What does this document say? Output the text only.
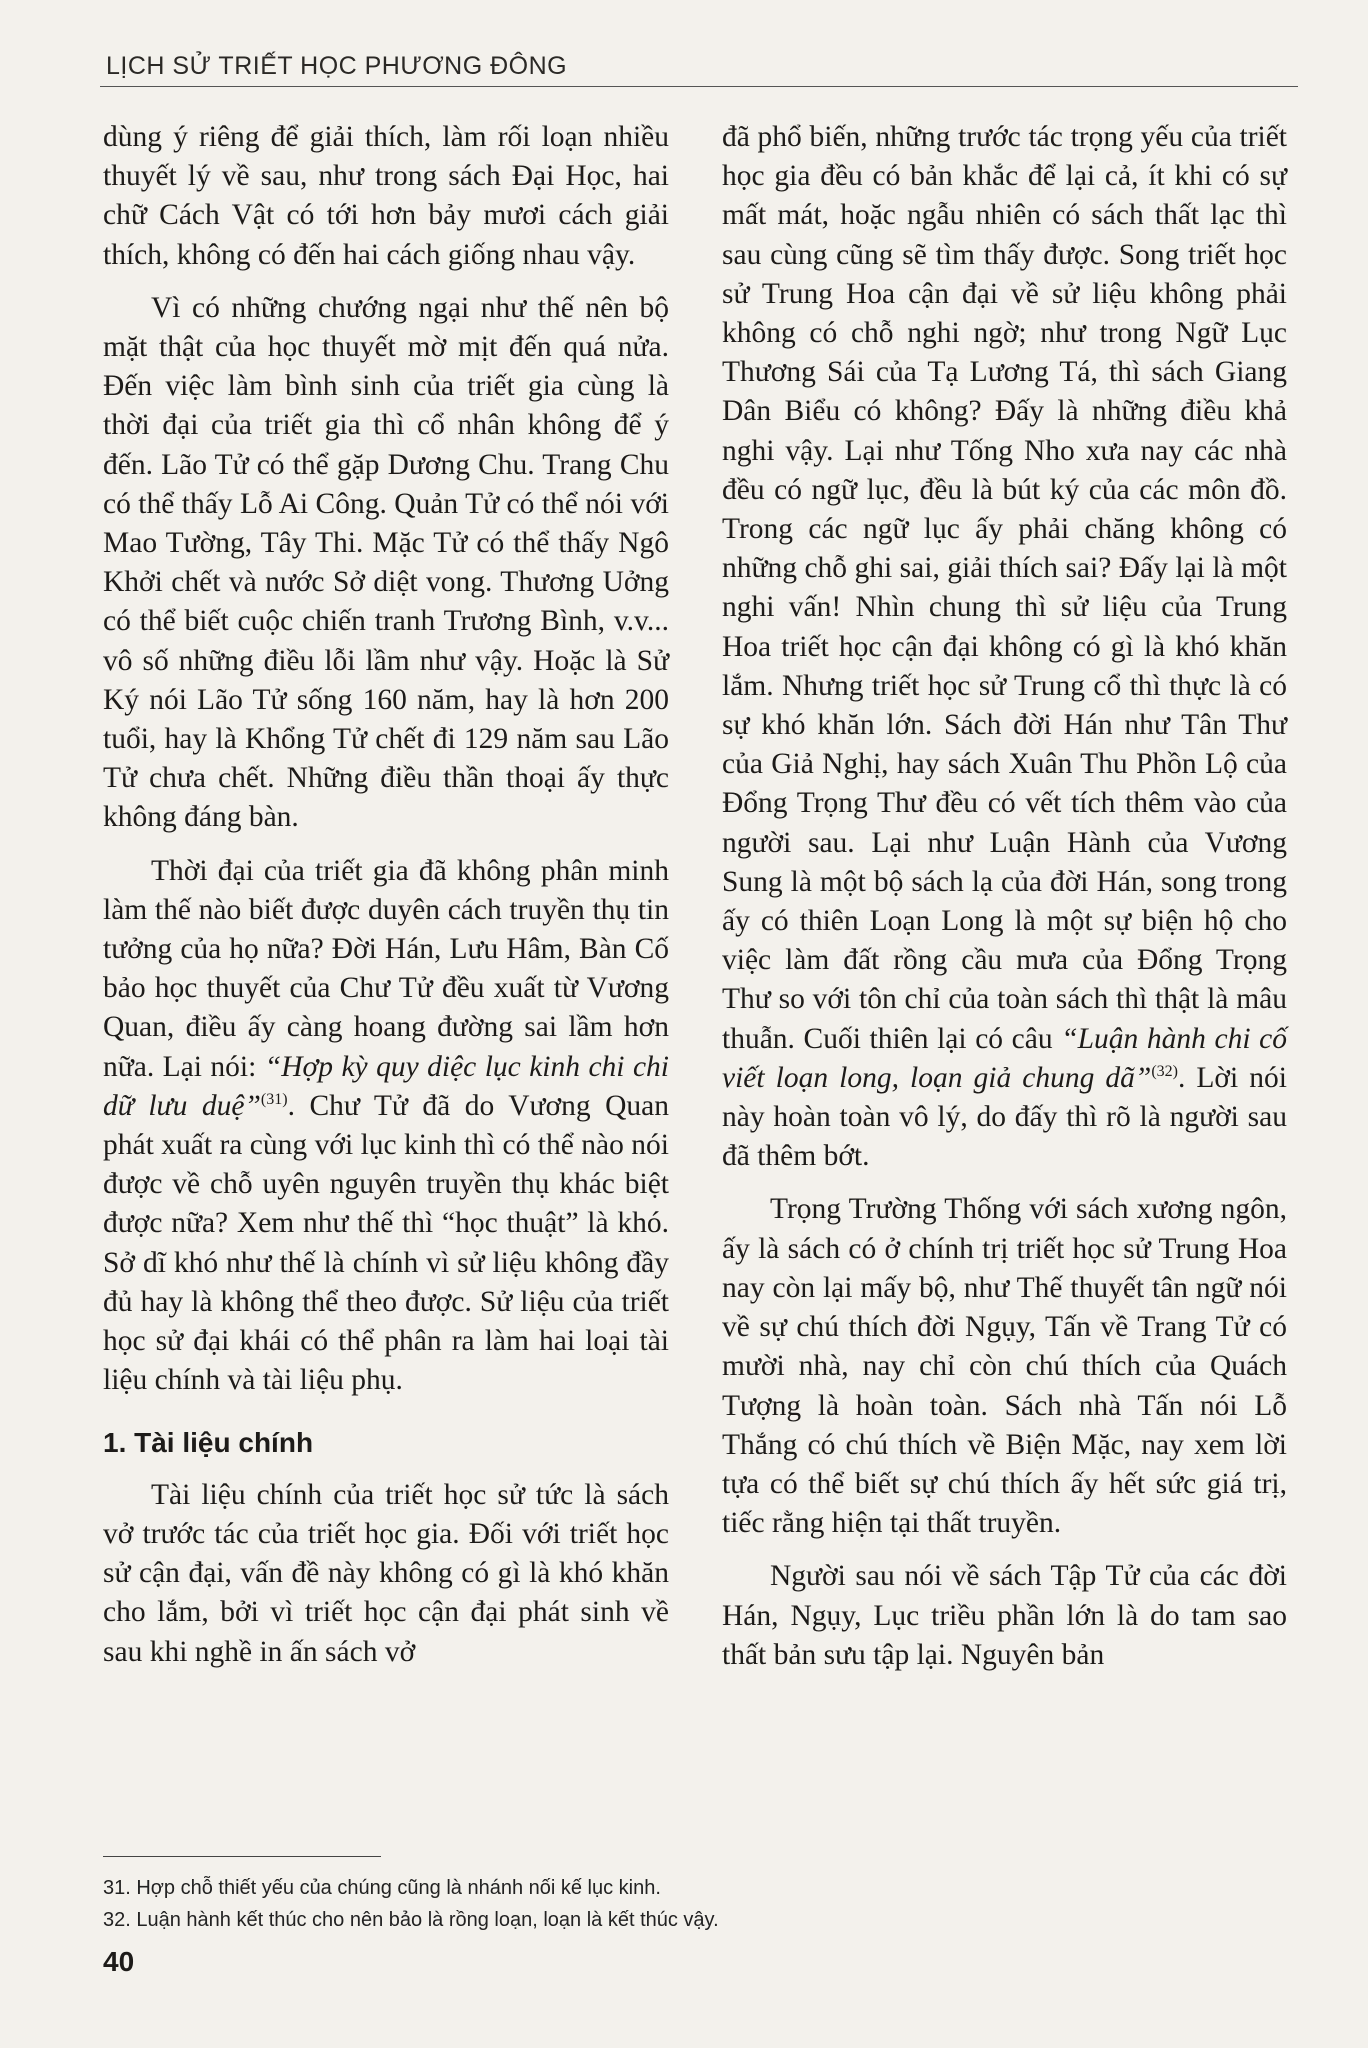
LỊCH SỬ TRIẾT HỌC PHƯƠNG ĐÔNG

dùng ý riêng để giải thích, làm rối loạn nhiều thuyết lý về sau, như trong sách Đại Học, hai chữ Cách Vật có tới hơn bảy mươi cách giải thích, không có đến hai cách giống nhau vậy.

Vì có những chướng ngại như thế nên bộ mặt thật của học thuyết mờ mịt đến quá nửa. Đến việc làm bình sinh của triết gia cùng là thời đại của triết gia thì cổ nhân không để ý đến. Lão Tử có thể gặp Dương Chu. Trang Chu có thể thấy Lỗ Ai Công. Quản Tử có thể nói với Mao Tường, Tây Thi. Mặc Tử có thể thấy Ngô Khởi chết và nước Sở diệt vong. Thương Uởng có thể biết cuộc chiến tranh Trương Bình, v.v... vô số những điều lỗi lầm như vậy. Hoặc là Sử Ký nói Lão Tử sống 160 năm, hay là hơn 200 tuổi, hay là Khổng Tử chết đi 129 năm sau Lão Tử chưa chết. Những điều thần thoại ấy thực không đáng bàn.

Thời đại của triết gia đã không phân minh làm thế nào biết được duyên cách truyền thụ tin tưởng của họ nữa? Đời Hán, Lưu Hâm, Bàn Cố bảo học thuyết của Chư Tử đều xuất từ Vương Quan, điều ấy càng hoang đường sai lầm hơn nữa. Lại nói: “Hợp kỳ quy diệc lục kinh chi chi dữ lưu duệ”$^{(31)}$. Chư Tử đã do Vương Quan phát xuất ra cùng với lục kinh thì có thể nào nói được về chỗ uyên nguyên truyền thụ khác biệt được nữa? Xem như thế thì “học thuật” là khó. Sở dĩ khó như thế là chính vì sử liệu không đầy đủ hay là không thể theo được. Sử liệu của triết học sử đại khái có thể phân ra làm hai loại tài liệu chính và tài liệu phụ.

1. Tài liệu chính

Tài liệu chính của triết học sử tức là sách vở trước tác của triết học gia. Đối với triết học sử cận đại, vấn đề này không có gì là khó khăn cho lắm, bởi vì triết học cận đại phát sinh về sau khi nghề in ấn sách vở

đã phổ biến, những trước tác trọng yếu của triết học gia đều có bản khắc để lại cả, ít khi có sự mất mát, hoặc ngẫu nhiên có sách thất lạc thì sau cùng cũng sẽ tìm thấy được. Song triết học sử Trung Hoa cận đại về sử liệu không phải không có chỗ nghi ngờ; như trong Ngữ Lục Thương Sái của Tạ Lương Tá, thì sách Giang Dân Biểu có không? Đấy là những điều khả nghi vậy. Lại như Tống Nho xưa nay các nhà đều có ngữ lục, đều là bút ký của các môn đồ. Trong các ngữ lục ấy phải chăng không có những chỗ ghi sai, giải thích sai? Đấy lại là một nghi vấn! Nhìn chung thì sử liệu của Trung Hoa triết học cận đại không có gì là khó khăn lắm. Nhưng triết học sử Trung cổ thì thực là có sự khó khăn lớn. Sách đời Hán như Tân Thư của Giả Nghị, hay sách Xuân Thu Phồn Lộ của Đổng Trọng Thư đều có vết tích thêm vào của người sau. Lại như Luận Hành của Vương Sung là một bộ sách lạ của đời Hán, song trong ấy có thiên Loạn Long là một sự biện hộ cho việc làm đất rồng cầu mưa của Đổng Trọng Thư so với tôn chỉ của toàn sách thì thật là mâu thuẫn. Cuối thiên lại có câu “Luận hành chi cố viết loạn long, loạn giả chung dã”$^{(32)}$. Lời nói này hoàn toàn vô lý, do đấy thì rõ là người sau đã thêm bớt.

Trọng Trường Thống với sách xương ngôn, ấy là sách có ở chính trị triết học sử Trung Hoa nay còn lại mấy bộ, như Thế thuyết tân ngữ nói về sự chú thích đời Ngụy, Tấn về Trang Tử có mười nhà, nay chỉ còn chú thích của Quách Tượng là hoàn toàn. Sách nhà Tấn nói Lỗ Thắng có chú thích về Biện Mặc, nay xem lời tựa có thể biết sự chú thích ấy hết sức giá trị, tiếc rằng hiện tại thất truyền.

Người sau nói về sách Tập Tử của các đời Hán, Ngụy, Lục triều phần lớn là do tam sao thất bản sưu tập lại. Nguyên bản

31. Hợp chỗ thiết yếu của chúng cũng là nhánh nối kế lục kinh.
32. Luận hành kết thúc cho nên bảo là rồng loạn, loạn là kết thúc vậy.
40
